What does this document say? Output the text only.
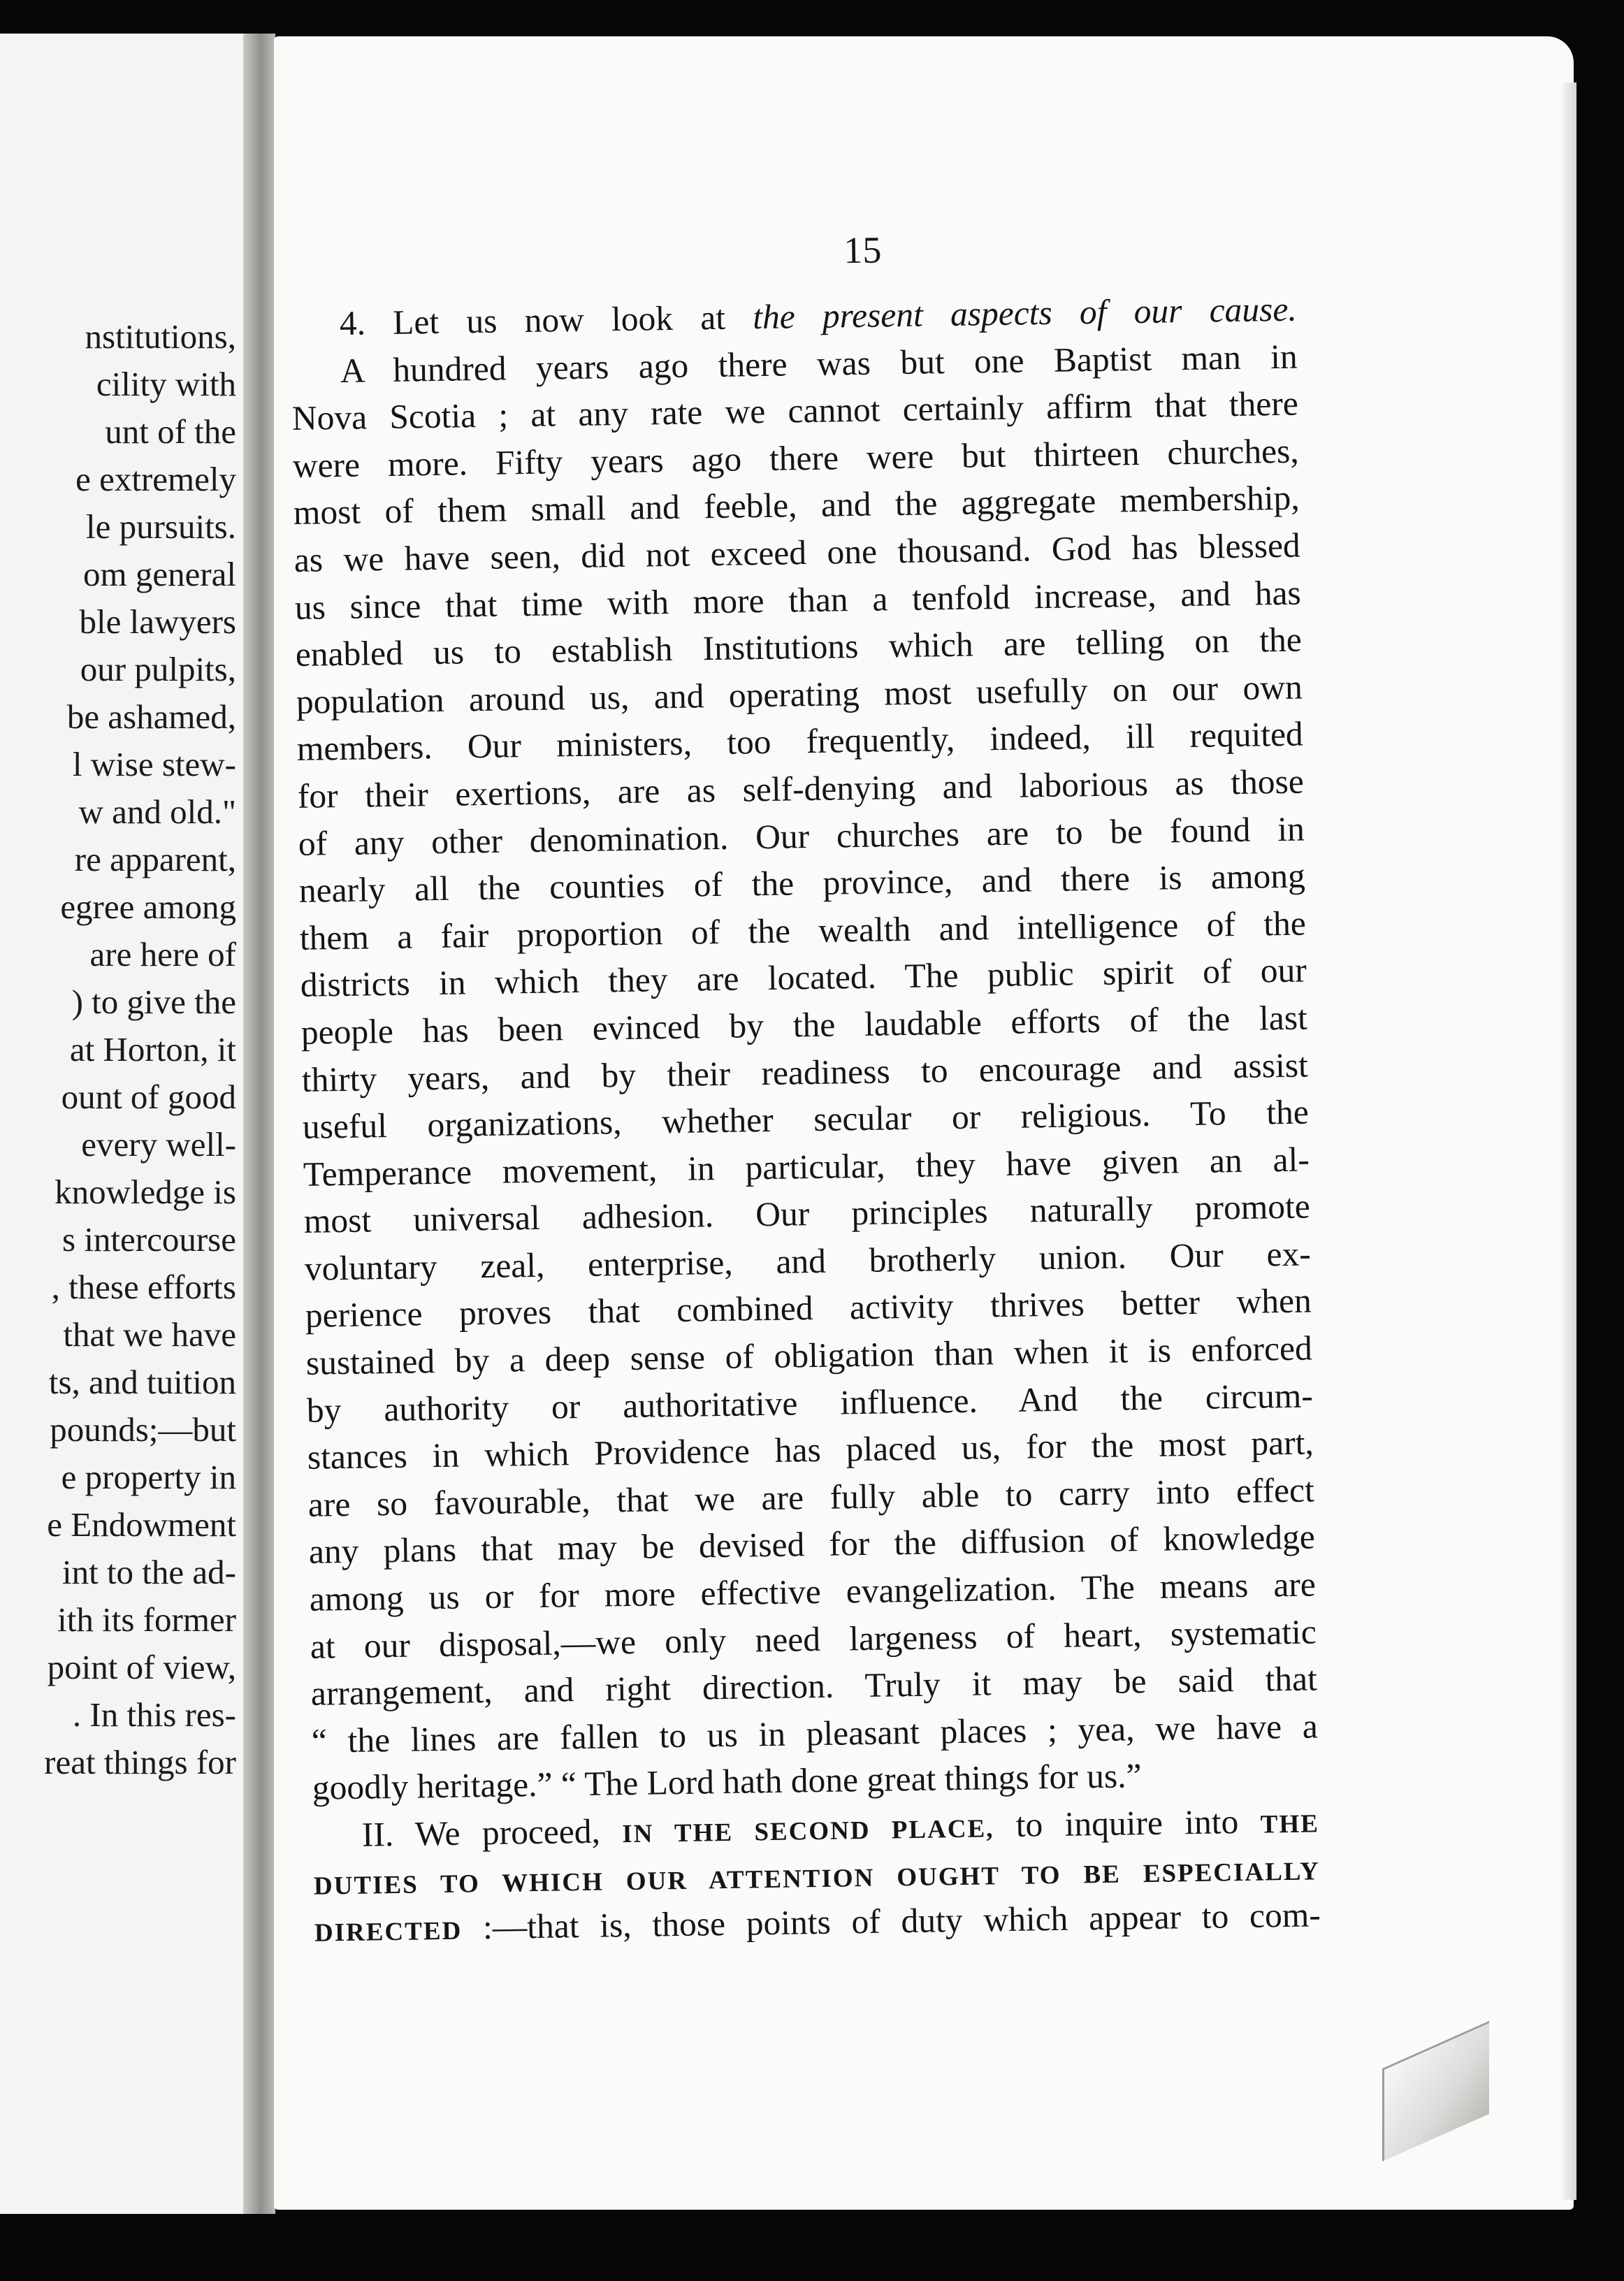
nstitutions,
cility with
unt of the
e extremely
le pursuits.
om general
ble lawyers
our pulpits,
be ashamed,
l wise stew-
w and old."
re apparent,
egree among
are here of
) to give the
at Horton, it
ount of good
every well-
knowledge is
s intercourse
, these efforts
that we have
ts, and tuition
pounds;—but
e property in
e Endowment
int to the ad-
ith its former
point of view,
. In this res-
reat things for
15
4. Let us now look at the present aspects of our cause.
A hundred years ago there was but one Baptist man in
Nova Scotia ; at any rate we cannot certainly affirm that there
were more. Fifty years ago there were but thirteen churches,
most of them small and feeble, and the aggregate membership,
as we have seen, did not exceed one thousand. God has blessed
us since that time with more than a tenfold increase, and has
enabled us to establish Institutions which are telling on the
population around us, and operating most usefully on our own
members. Our ministers, too frequently, indeed, ill requited
for their exertions, are as self-denying and laborious as those
of any other denomination. Our churches are to be found in
nearly all the counties of the province, and there is among
them a fair proportion of the wealth and intelligence of the
districts in which they are located. The public spirit of our
people has been evinced by the laudable efforts of the last
thirty years, and by their readiness to encourage and assist
useful organizations, whether secular or religious. To the
Temperance movement, in particular, they have given an al-
most universal adhesion. Our principles naturally promote
voluntary zeal, enterprise, and brotherly union. Our ex-
perience proves that combined activity thrives better when
sustained by a deep sense of obligation than when it is enforced
by authority or authoritative influence. And the circum-
stances in which Providence has placed us, for the most part,
are so favourable, that we are fully able to carry into effect
any plans that may be devised for the diffusion of knowledge
among us or for more effective evangelization. The means are
at our disposal,—we only need largeness of heart, systematic
arrangement, and right direction. Truly it may be said that
“ the lines are fallen to us in pleasant places ; yea, we have a
goodly heritage.” “ The Lord hath done great things for us.”
II. We proceed, IN THE SECOND PLACE, to inquire into THE
DUTIES TO WHICH OUR ATTENTION OUGHT TO BE ESPECIALLY
DIRECTED :—that is, those points of duty which appear to com-
